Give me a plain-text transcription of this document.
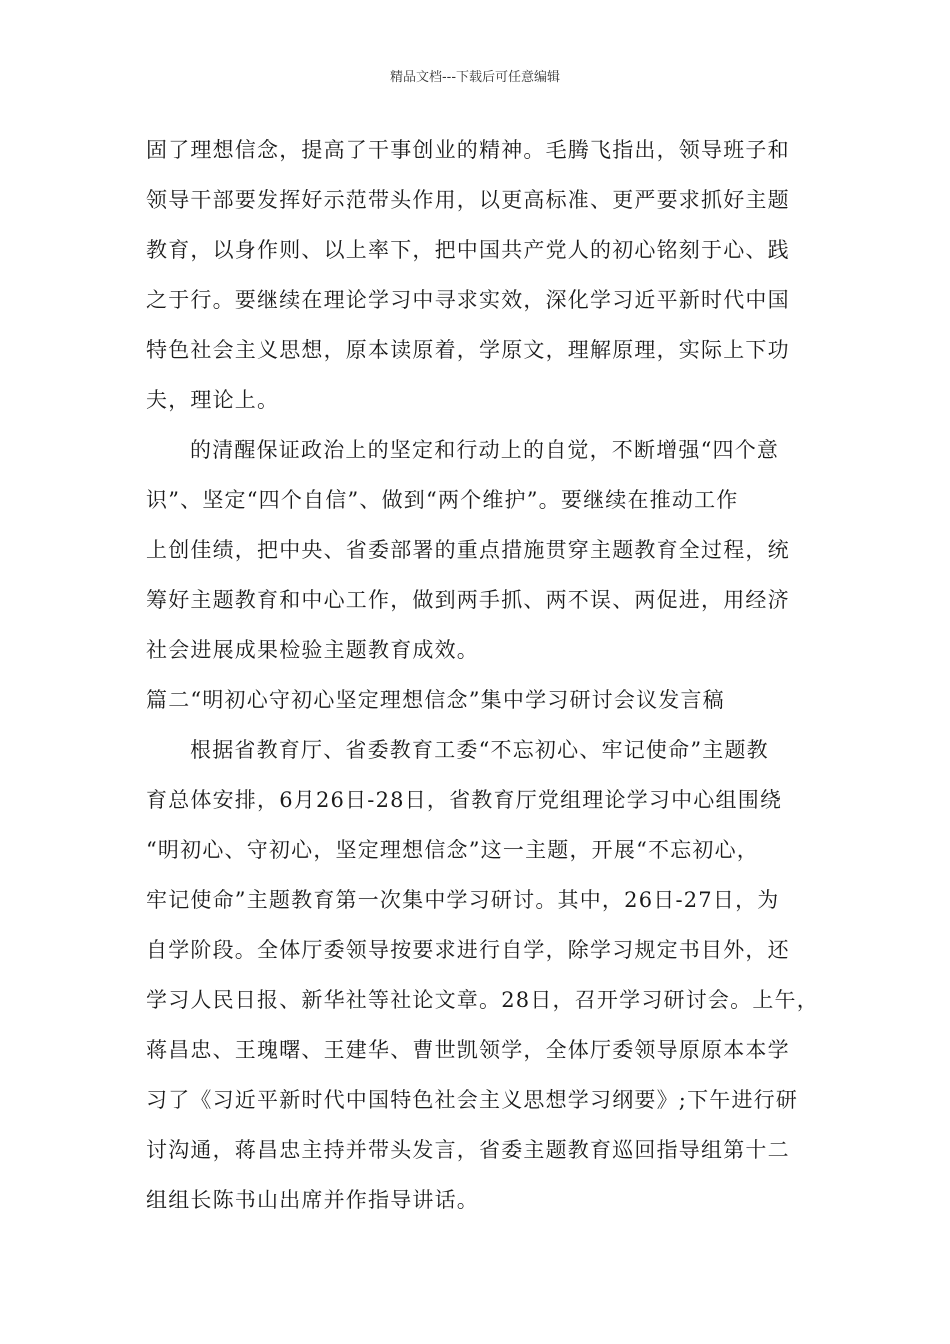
精品文档---下载后可任意编辑
固了理想信念，提高了干事创业的精神。毛腾飞指出，领导班子和
领导干部要发挥好示范带头作用，以更高标准、更严要求抓好主题
教育，以身作则、以上率下，把中国共产党人的初心铭刻于心、践
之于行。要继续在理论学习中寻求实效，深化学习近平新时代中国
特色社会主义思想，原本读原着，学原文，理解原理，实际上下功
夫，理论上。
的清醒保证政治上的坚定和行动上的自觉，不断增强“四个意
识”、坚定“四个自信”、做到“两个维护”。要继续在推动工作
上创佳绩，把中央、省委部署的重点措施贯穿主题教育全过程，统
筹好主题教育和中心工作，做到两手抓、两不误、两促进，用经济
社会进展成果检验主题教育成效。
篇二“明初心守初心坚定理想信念”集中学习研讨会议发言稿
根据省教育厅、省委教育工委“不忘初心、牢记使命”主题教
育总体安排，6月26日-28日，省教育厅党组理论学习中心组围绕
“明初心、守初心，坚定理想信念”这一主题，开展“不忘初心，
牢记使命”主题教育第一次集中学习研讨。其中，26日-27日，为
自学阶段。全体厅委领导按要求进行自学，除学习规定书目外，还
学习人民日报、新华社等社论文章。28日，召开学习研讨会。上午，
蒋昌忠、王瑰曙、王建华、曹世凯领学，全体厅委领导原原本本学
习了《习近平新时代中国特色社会主义思想学习纲要》;下午进行研
讨沟通，蒋昌忠主持并带头发言，省委主题教育巡回指导组第十二
组组长陈书山出席并作指导讲话。
